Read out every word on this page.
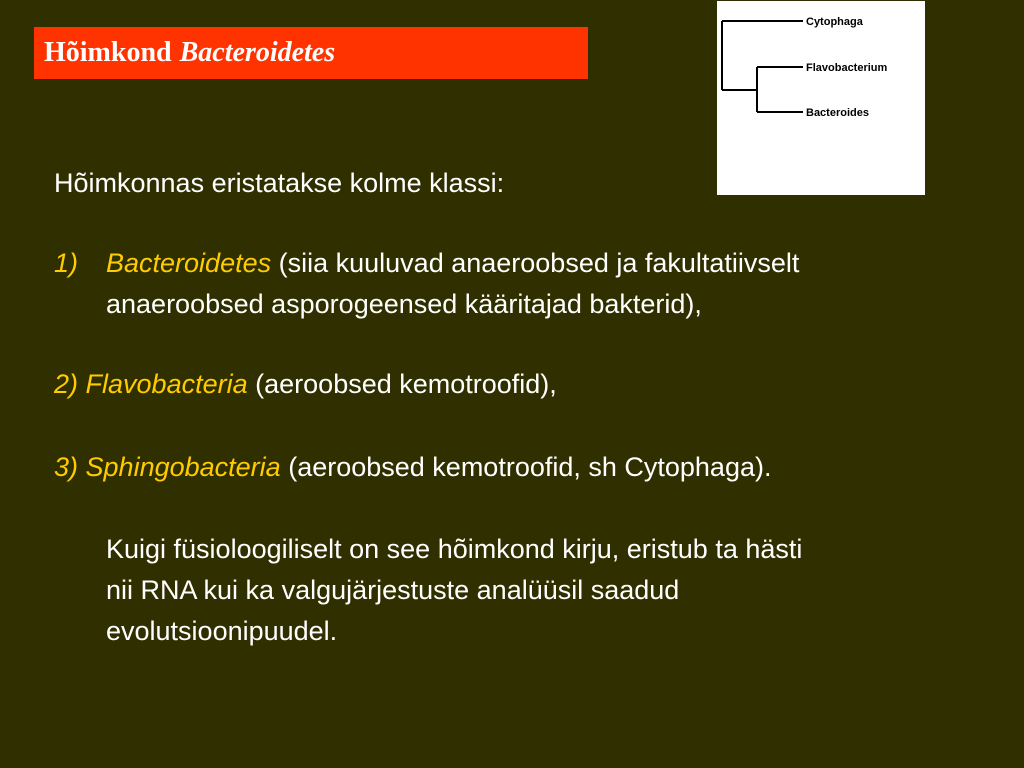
Hõimkond Bacteroidetes
Cytophaga
Flavobacterium
Bacteroides
Hõimkonnas eristatakse kolme klassi:
1) Bacteroidetes (siia kuuluvad anaeroobsed ja fakultatiivselt
anaeroobsed asporogeensed kääritajad bakterid),
2) Flavobacteria (aeroobsed kemotroofid),
3) Sphingobacteria (aeroobsed kemotroofid, sh Cytophaga).
Kuigi füsioloogiliselt on see hõimkond kirju, eristub ta hästi
nii RNA kui ka valgujärjestuste analüüsil saadud
evolutsioonipuudel.
